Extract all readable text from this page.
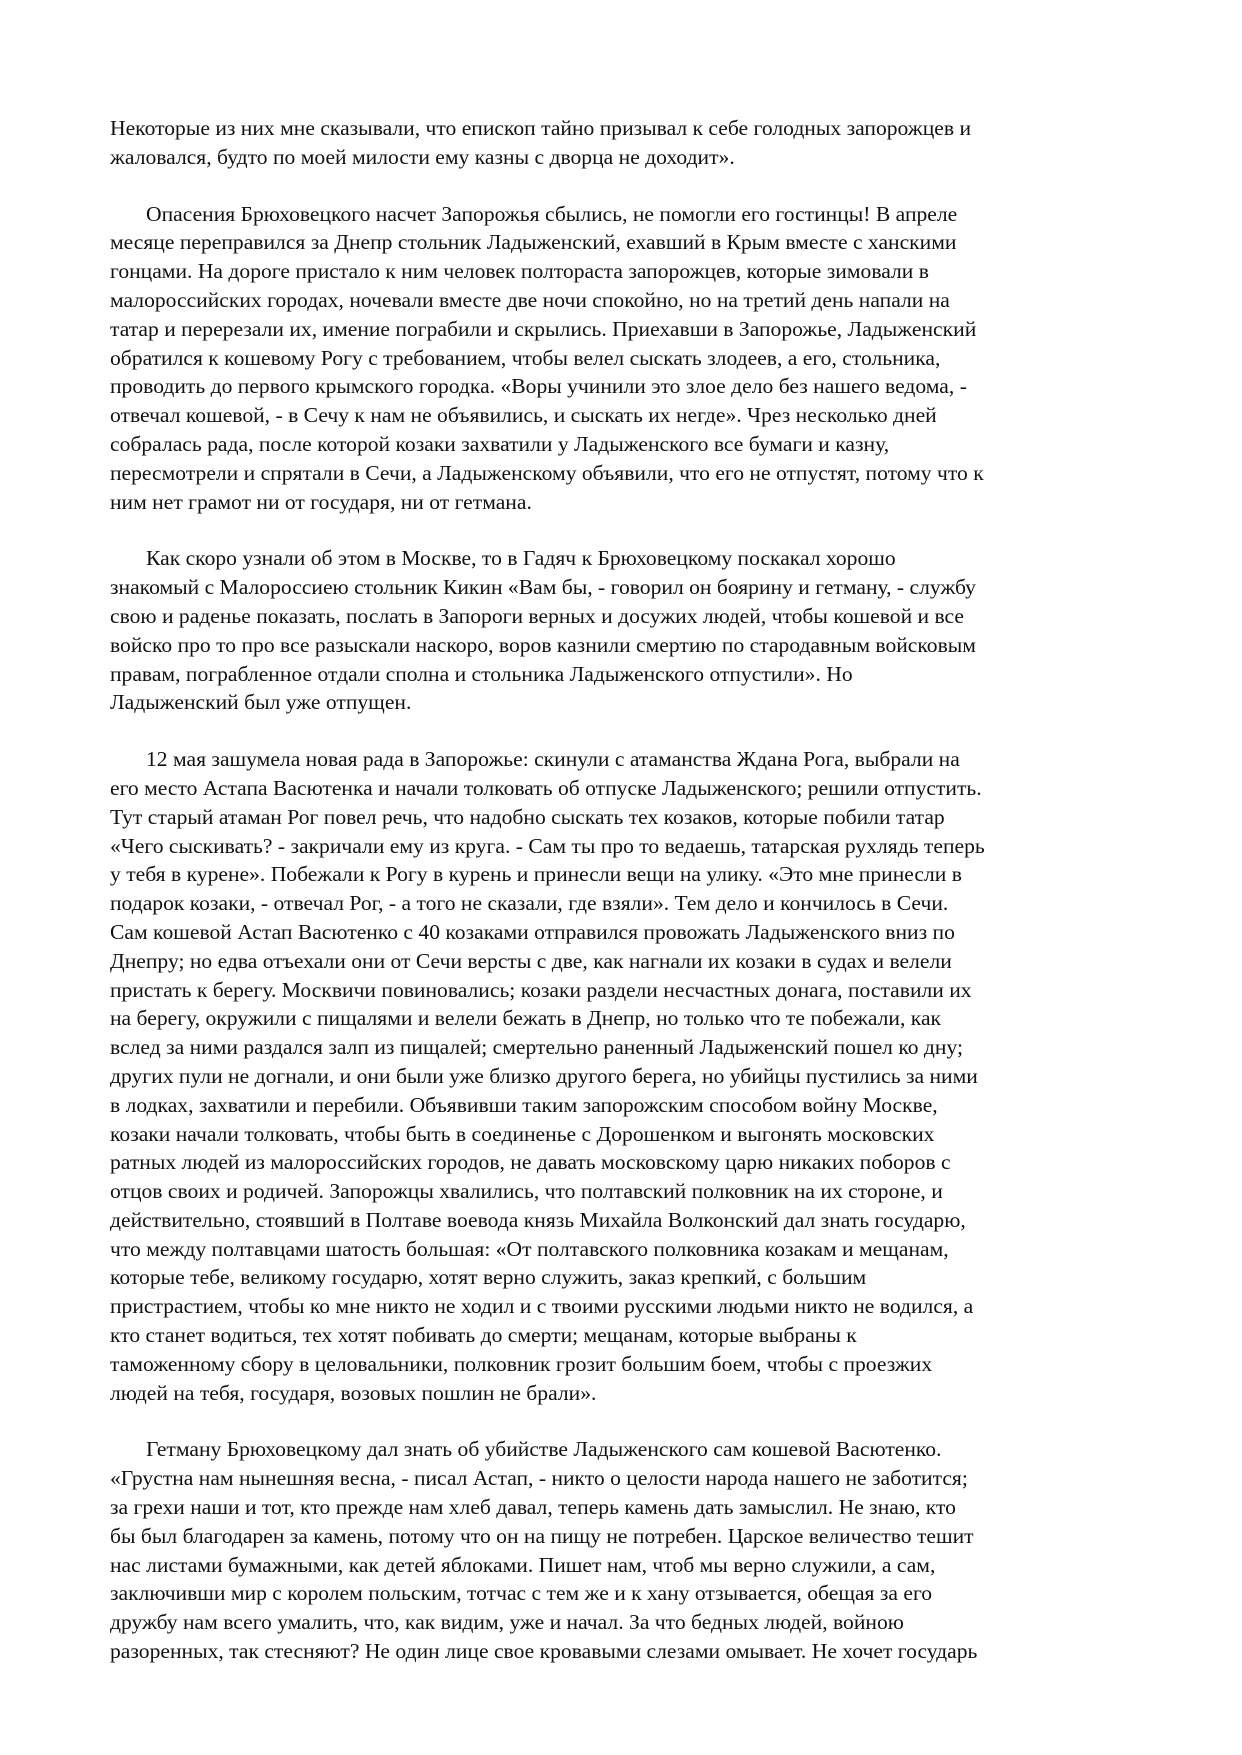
Некоторые из них мне сказывали, что епископ тайно призывал к себе голодных запорожцев и
жаловался, будто по моей милости ему казны с дворца не доходит».
Опасения Брюховецкого насчет Запорожья сбылись, не помогли его гостинцы! В апреле
месяце переправился за Днепр стольник Ладыженский, ехавший в Крым вместе с ханскими
гонцами. На дороге пристало к ним человек полтораста запорожцев, которые зимовали в
малороссийских городах, ночевали вместе две ночи спокойно, но на третий день напали на
татар и перерезали их, имение пограбили и скрылись. Приехавши в Запорожье, Ладыженский
обратился к кошевому Рогу с требованием, чтобы велел сыскать злодеев, а его, стольника,
проводить до первого крымского городка. «Воры учинили это злое дело без нашего ведома, -
отвечал кошевой, - в Сечу к нам не объявились, и сыскать их негде». Чрез несколько дней
собралась рада, после которой козаки захватили у Ладыженского все бумаги и казну,
пересмотрели и спрятали в Сечи, а Ладыженскому объявили, что его не отпустят, потому что к
ним нет грамот ни от государя, ни от гетмана.
Как скоро узнали об этом в Москве, то в Гадяч к Брюховецкому поскакал хорошо
знакомый с Малороссиею стольник Кикин «Вам бы, - говорил он боярину и гетману, - службу
свою и раденье показать, послать в Запороги верных и досужих людей, чтобы кошевой и все
войско про то про все разыскали наскоро, воров казнили смертию по стародавным войсковым
правам, пограбленное отдали сполна и стольника Ладыженского отпустили». Но
Ладыженский был уже отпущен.
12 мая зашумела новая рада в Запорожье: скинули с атаманства Ждана Рога, выбрали на
его место Астапа Васютенка и начали толковать об отпуске Ладыженского; решили отпустить.
Тут старый атаман Рог повел речь, что надобно сыскать тех козаков, которые побили татар
«Чего сыскивать? - закричали ему из круга. - Сам ты про то ведаешь, татарская рухлядь теперь
у тебя в курене». Побежали к Рогу в курень и принесли вещи на улику. «Это мне принесли в
подарок козаки, - отвечал Рог, - а того не сказали, где взяли». Тем дело и кончилось в Сечи.
Сам кошевой Астап Васютенко с 40 козаками отправился провожать Ладыженского вниз по
Днепру; но едва отъехали они от Сечи версты с две, как нагнали их козаки в судах и велели
пристать к берегу. Москвичи повиновались; козаки раздели несчастных донага, поставили их
на берегу, окружили с пищалями и велели бежать в Днепр, но только что те побежали, как
вслед за ними раздался залп из пищалей; смертельно раненный Ладыженский пошел ко дну;
других пули не догнали, и они были уже близко другого берега, но убийцы пустились за ними
в лодках, захватили и перебили. Объявивши таким запорожским способом войну Москве,
козаки начали толковать, чтобы быть в соединенье с Дорошенком и выгонять московских
ратных людей из малороссийских городов, не давать московскому царю никаких поборов с
отцов своих и родичей. Запорожцы хвалились, что полтавский полковник на их стороне, и
действительно, стоявший в Полтаве воевода князь Михайла Волконский дал знать государю,
что между полтавцами шатость большая: «От полтавского полковника козакам и мещанам,
которые тебе, великому государю, хотят верно служить, заказ крепкий, с большим
пристрастием, чтобы ко мне никто не ходил и с твоими русскими людьми никто не водился, а
кто станет водиться, тех хотят побивать до смерти; мещанам, которые выбраны к
таможенному сбору в целовальники, полковник грозит большим боем, чтобы с проезжих
людей на тебя, государя, возовых пошлин не брали».
Гетману Брюховецкому дал знать об убийстве Ладыженского сам кошевой Васютенко.
«Грустна нам нынешняя весна, - писал Астап, - никто о целости народа нашего не заботится;
за грехи наши и тот, кто прежде нам хлеб давал, теперь камень дать замыслил. Не знаю, кто
бы был благодарен за камень, потому что он на пищу не потребен. Царское величество тешит
нас листами бумажными, как детей яблоками. Пишет нам, чтоб мы верно служили, а сам,
заключивши мир с королем польским, тотчас с тем же и к хану отзывается, обещая за его
дружбу нам всего умалить, что, как видим, уже и начал. За что бедных людей, войною
разоренных, так стесняют? Не один лице свое кровавыми слезами омывает. Не хочет государь
